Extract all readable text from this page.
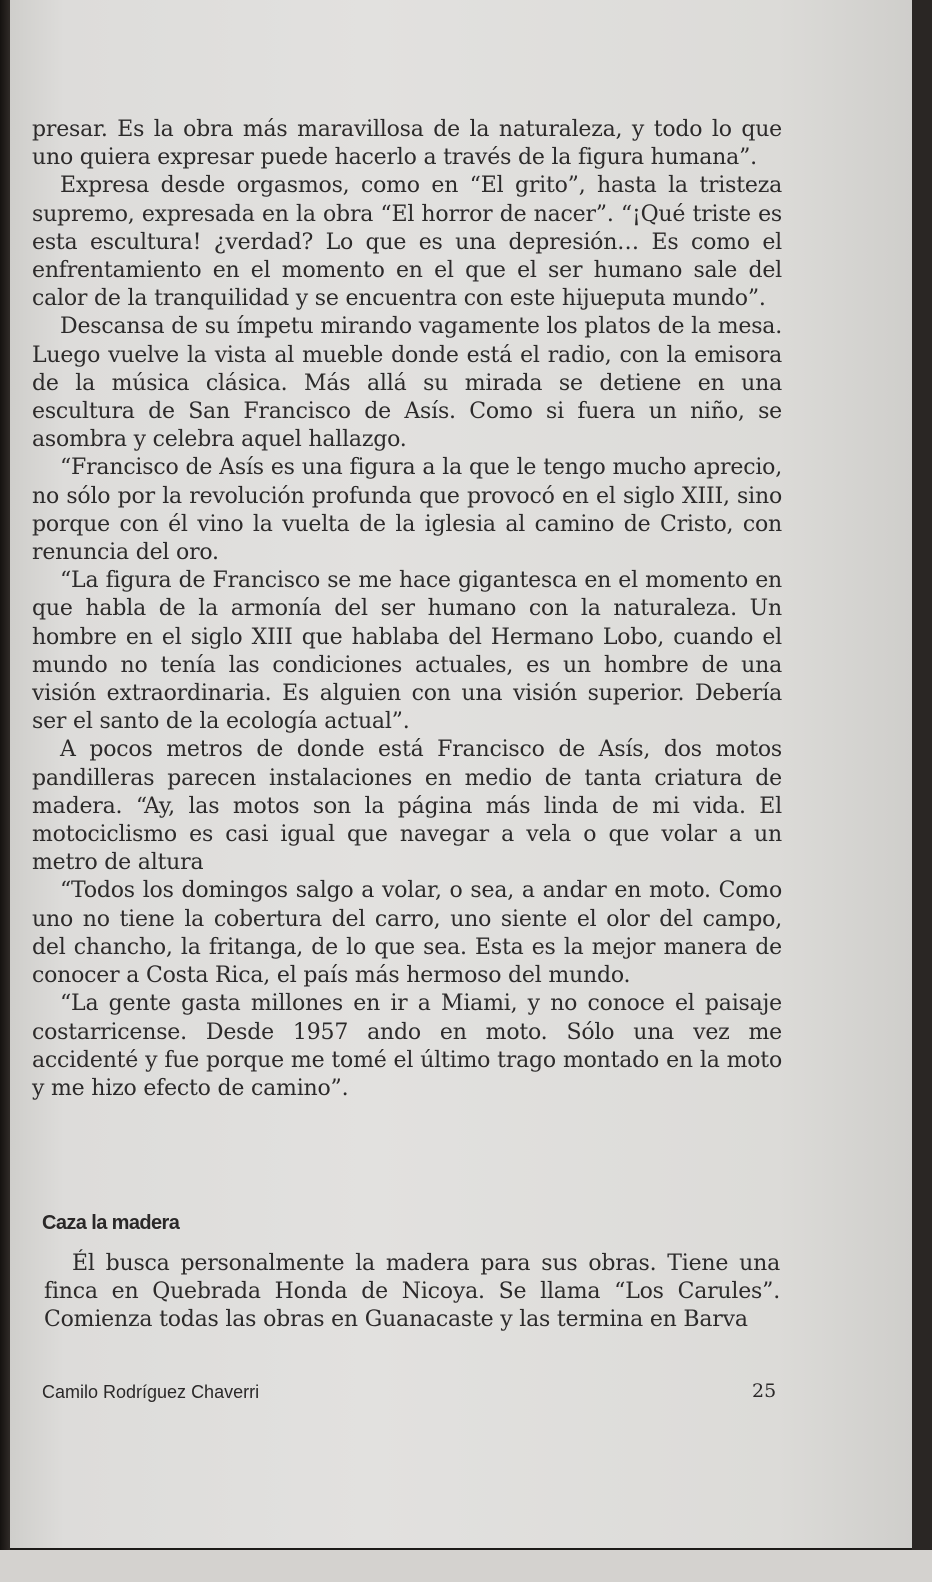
presar. Es la obra más maravillosa de la naturaleza, y todo lo que uno quiera expresar puede hacerlo a través de la figura humana”.

Expresa desde orgasmos, como en “El grito”, hasta la tristeza supremo, expresada en la obra “El horror de nacer”. “¡Qué triste es esta escultura! ¿verdad? Lo que es una depresión… Es como el enfrentamiento en el momento en el que el ser humano sale del calor de la tranquilidad y se encuentra con este hijueputa mundo”.

Descansa de su ímpetu mirando vagamente los platos de la mesa. Luego vuelve la vista al mueble donde está el radio, con la emisora de la música clásica. Más allá su mirada se detiene en una escultura de San Francisco de Asís. Como si fuera un niño, se asombra y celebra aquel hallazgo.

“Francisco de Asís es una figura a la que le tengo mucho aprecio, no sólo por la revolución profunda que provocó en el siglo XIII, sino porque con él vino la vuelta de la iglesia al camino de Cristo, con renuncia del oro.

“La figura de Francisco se me hace gigantesca en el momento en que habla de la armonía del ser humano con la naturaleza. Un hombre en el siglo XIII que hablaba del Hermano Lobo, cuando el mundo no tenía las condiciones actuales, es un hombre de una visión extraordinaria. Es alguien con una visión superior. Debería ser el santo de la ecología actual”.

A pocos metros de donde está Francisco de Asís, dos motos pandilleras parecen instalaciones en medio de tanta criatura de madera. “Ay, las motos son la página más linda de mi vida. El motociclismo es casi igual que navegar a vela o que volar a un metro de altura

“Todos los domingos salgo a volar, o sea, a andar en moto. Como uno no tiene la cobertura del carro, uno siente el olor del campo, del chancho, la fritanga, de lo que sea. Esta es la mejor manera de conocer a Costa Rica, el país más hermoso del mundo.

“La gente gasta millones en ir a Miami, y no conoce el paisaje costarricense. Desde 1957 ando en moto. Sólo una vez me accidenté y fue porque me tomé el último trago montado en la moto y me hizo efecto de camino”.

Caza la madera

Él busca personalmente la madera para sus obras. Tiene una finca en Quebrada Honda de Nicoya. Se llama “Los Carules”. Comienza todas las obras en Guanacaste y las termina en Barva

Camilo Rodríguez Chaverri	25
